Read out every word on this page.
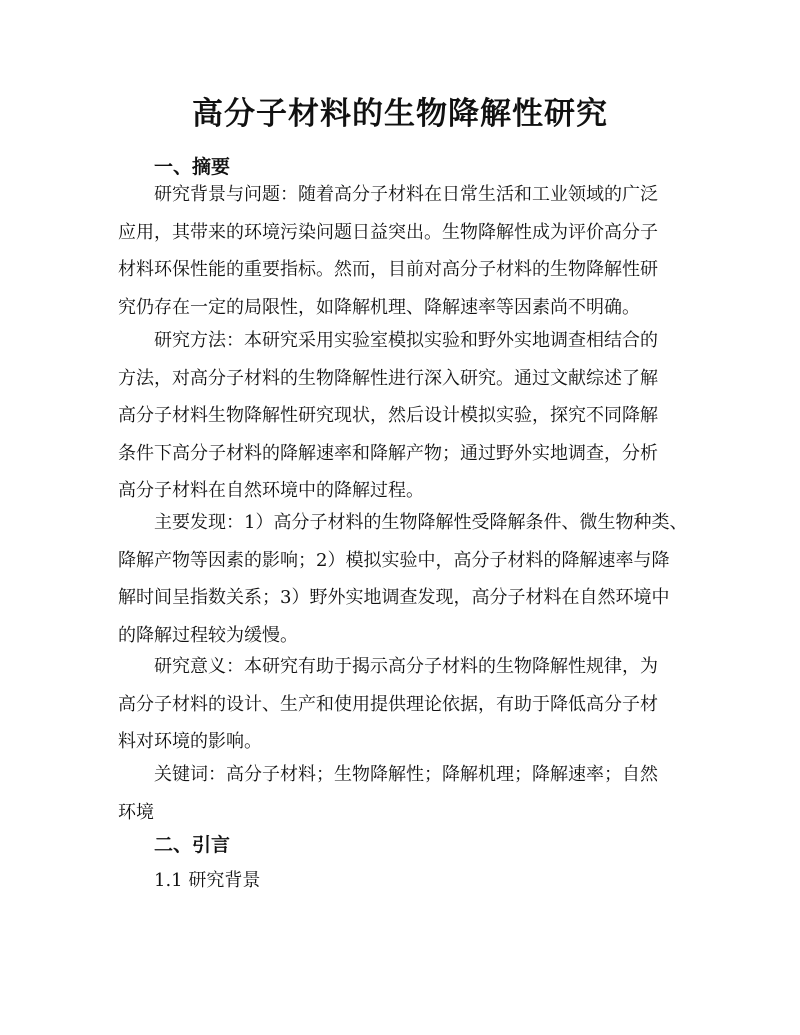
高分子材料的生物降解性研究
一、摘要
研究背景与问题：随着高分子材料在日常生活和工业领域的广泛
应用，其带来的环境污染问题日益突出。生物降解性成为评价高分子
材料环保性能的重要指标。然而，目前对高分子材料的生物降解性研
究仍存在一定的局限性，如降解机理、降解速率等因素尚不明确。
研究方法：本研究采用实验室模拟实验和野外实地调查相结合的
方法，对高分子材料的生物降解性进行深入研究。通过文献综述了解
高分子材料生物降解性研究现状，然后设计模拟实验，探究不同降解
条件下高分子材料的降解速率和降解产物；通过野外实地调查，分析
高分子材料在自然环境中的降解过程。
主要发现：1）高分子材料的生物降解性受降解条件、微生物种类、
降解产物等因素的影响；2）模拟实验中，高分子材料的降解速率与降
解时间呈指数关系；3）野外实地调查发现，高分子材料在自然环境中
的降解过程较为缓慢。
研究意义：本研究有助于揭示高分子材料的生物降解性规律，为
高分子材料的设计、生产和使用提供理论依据，有助于降低高分子材
料对环境的影响。
关键词：高分子材料；生物降解性；降解机理；降解速率；自然
环境
二、引言
1.1 研究背景
